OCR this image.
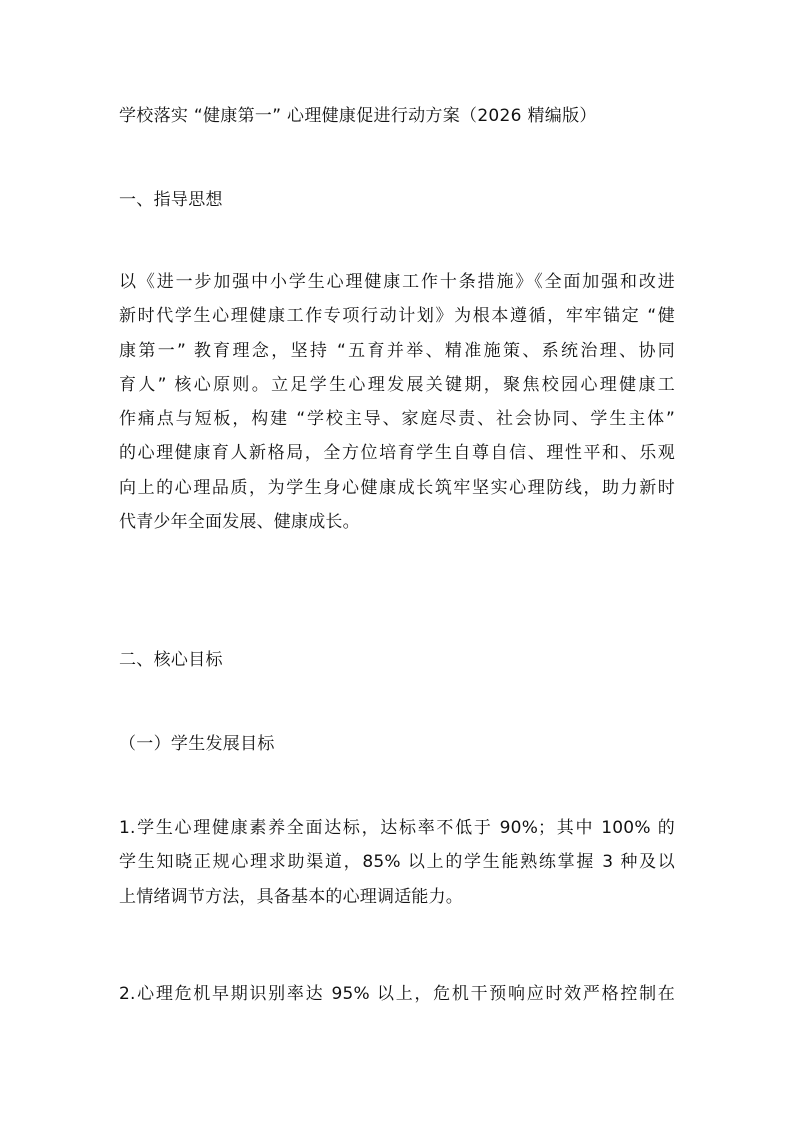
学校落实 “健康第一” 心理健康促进行动方案（2026 精编版）
一、指导思想
以《进一步加强中小学生心理健康工作十条措施》《全面加强和改进
新时代学生心理健康工作专项行动计划》为根本遵循，牢牢锚定 “健
康第一” 教育理念，坚持 “五育并举、精准施策、系统治理、协同
育人” 核心原则。立足学生心理发展关键期，聚焦校园心理健康工
作痛点与短板，构建 “学校主导、家庭尽责、社会协同、学生主体”
的心理健康育人新格局，全方位培育学生自尊自信、理性平和、乐观
向上的心理品质，为学生身心健康成长筑牢坚实心理防线，助力新时
代青少年全面发展、健康成长。
二、核心目标
（一）学生发展目标
1.学生心理健康素养全面达标，达标率不低于 90%；其中 100% 的
学生知晓正规心理求助渠道，85% 以上的学生能熟练掌握 3 种及以
上情绪调节方法，具备基本的心理调适能力。
2.心理危机早期识别率达 95% 以上，危机干预响应时效严格控制在
